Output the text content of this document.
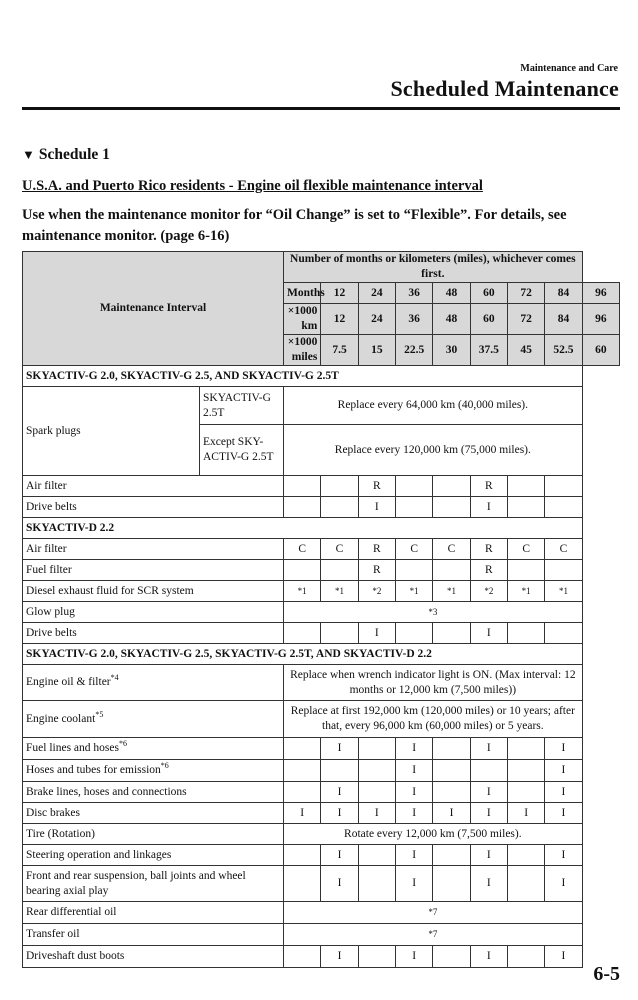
Maintenance and Care
Scheduled Maintenance
▼ Schedule 1
U.S.A. and Puerto Rico residents - Engine oil flexible maintenance interval
Use when the maintenance monitor for “Oil Change” is set to “Flexible”. For details, see maintenance monitor. (page 6-16)
Maintenance Interval		Number of months or kilometers (miles), whichever comes first.								
		Months	12	24	36	48	60	72	84	96
		×1000 km	12	24	36	48	60	72	84	96
		×1000 miles	7.5	15	22.5	30	37.5	45	52.5	60
SKYACTIV-G 2.0, SKYACTIV-G 2.5, AND SKYACTIV-G 2.5T										
Spark plugs	SKYACTIV-G 2.5T	Replace every 64,000 km (40,000 miles).								
	Except SKY-ACTIV-G 2.5T	Replace every 120,000 km (75,000 miles).								
Air filter				R			R			
Drive belts				I			I			
SKYACTIV-D 2.2										
Air filter		C	C	R	C	C	R	C	C	
Fuel filter				R			R			
Diesel exhaust fluid for SCR system		*1	*1	*2	*1	*1	*2	*1	*1	
Glow plug		*3								
Drive belts				I			I			
SKYACTIV-G 2.0, SKYACTIV-G 2.5, SKYACTIV-G 2.5T, AND SKYACTIV-D 2.2										
Engine oil & filter$^{*4}$		Replace when wrench indicator light is ON. (Max interval: 12 months or 12,000 km (7,500 miles))								
Engine coolant$^{*5}$		Replace at first 192,000 km (120,000 miles) or 10 years; after that, every 96,000 km (60,000 miles) or 5 years.								
Fuel lines and hoses$^{*6}$			I		I		I		I	
Hoses and tubes for emission$^{*6}$					I				I	
Brake lines, hoses and connections			I		I		I		I	
Disc brakes		I	I	I	I	I	I	I	I	
Tire (Rotation)		Rotate every 12,000 km (7,500 miles).								
Steering operation and linkages			I		I		I		I	
Front and rear suspension, ball joints and wheel bearing axial play			I		I		I		I	
Rear differential oil		*7								
Transfer oil		*7								
Driveshaft dust boots			I		I		I		I	
6-5
